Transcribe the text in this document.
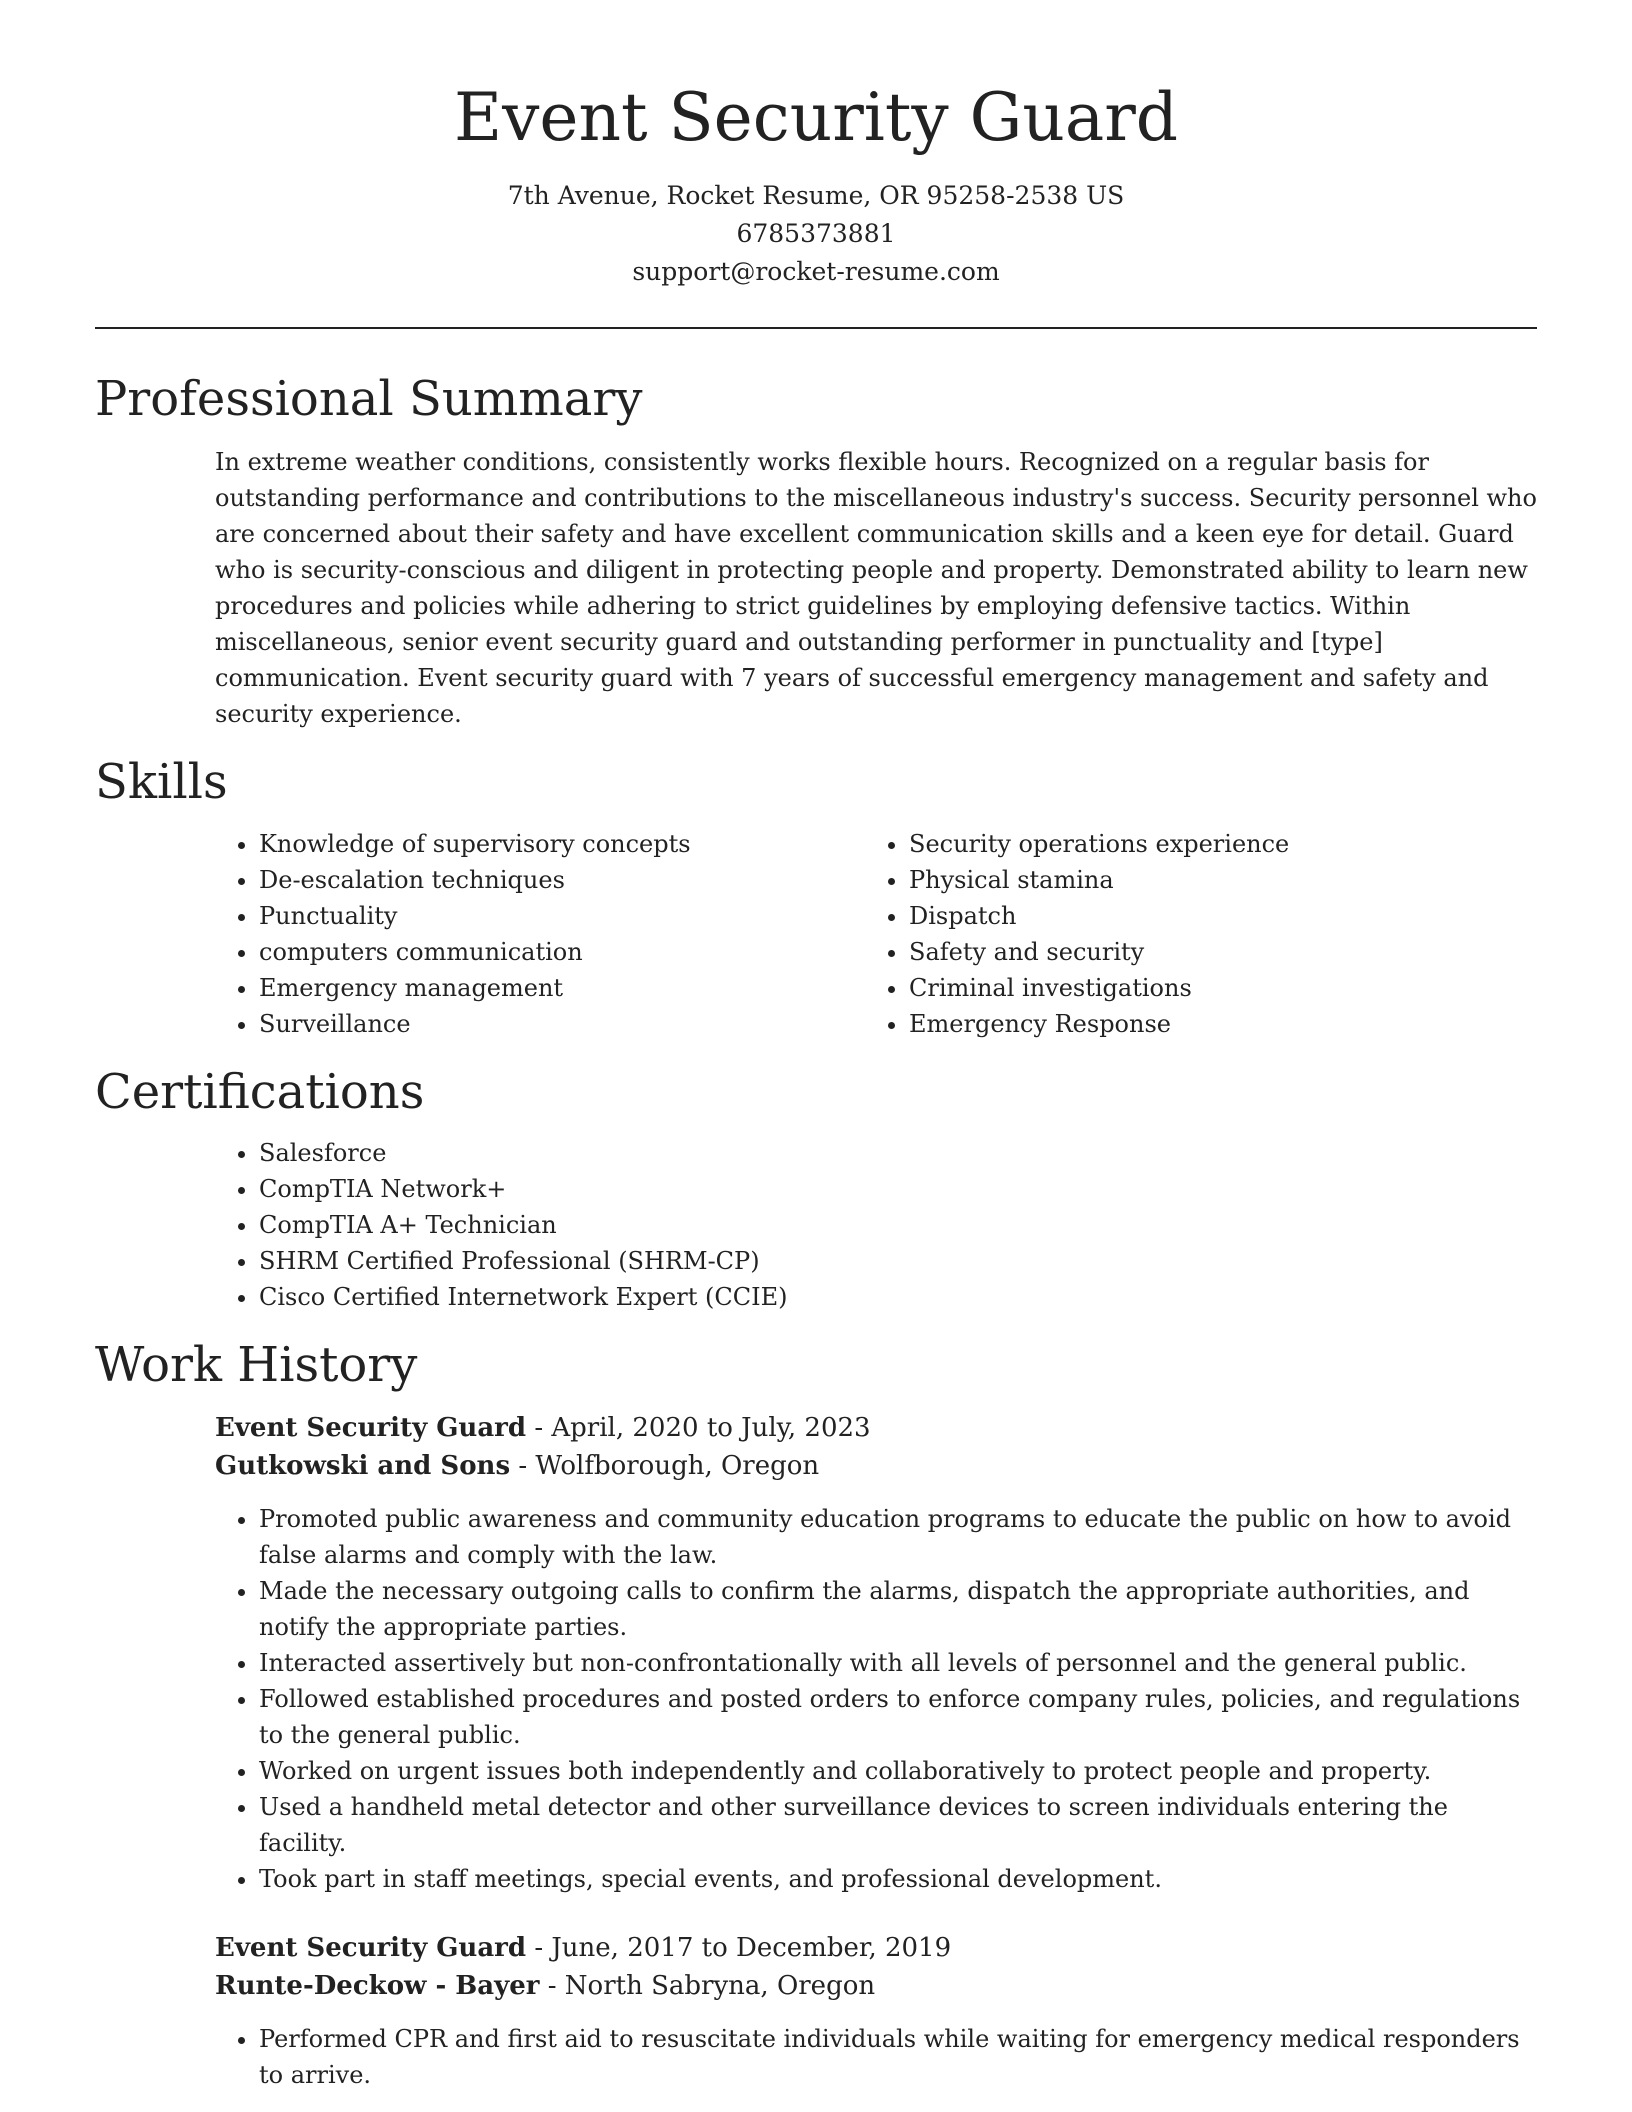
Event Security Guard
7th Avenue, Rocket Resume, OR 95258-2538 US
6785373881
support@rocket-resume.com
Professional Summary

In extreme weather conditions, consistently works flexible hours. Recognized on a regular basis for outstanding performance and contributions to the miscellaneous industry's success. Security personnel who are concerned about their safety and have excellent communication skills and a keen eye for detail. Guard who is security-conscious and diligent in protecting people and property. Demonstrated ability to learn new procedures and policies while adhering to strict guidelines by employing defensive tactics. Within miscellaneous, senior event security guard and outstanding performer in punctuality and [type] communication. Event security guard with 7 years of successful emergency management and safety and security experience.

Skills
• Knowledge of supervisory concepts
• De-escalation techniques
• Punctuality
• computers communication
• Emergency management
• Surveillance
• Security operations experience
• Physical stamina
• Dispatch
• Safety and security
• Criminal investigations
• Emergency Response
Certifications
• Salesforce
• CompTIA Network+
• CompTIA A+ Technician
• SHRM Certified Professional (SHRM-CP)
• Cisco Certified Internetwork Expert (CCIE)
Work History
Event Security Guard - April, 2020 to July, 2023
Gutkowski and Sons - Wolfborough, Oregon
• Promoted public awareness and community education programs to educate the public on how to avoid false alarms and comply with the law.
• Made the necessary outgoing calls to confirm the alarms, dispatch the appropriate authorities, and notify the appropriate parties.
• Interacted assertively but non-confrontationally with all levels of personnel and the general public.
• Followed established procedures and posted orders to enforce company rules, policies, and regulations to the general public.
• Worked on urgent issues both independently and collaboratively to protect people and property.
• Used a handheld metal detector and other surveillance devices to screen individuals entering the facility.
• Took part in staff meetings, special events, and professional development.
Event Security Guard - June, 2017 to December, 2019
Runte-Deckow - Bayer - North Sabryna, Oregon
• Performed CPR and first aid to resuscitate individuals while waiting for emergency medical responders to arrive.
